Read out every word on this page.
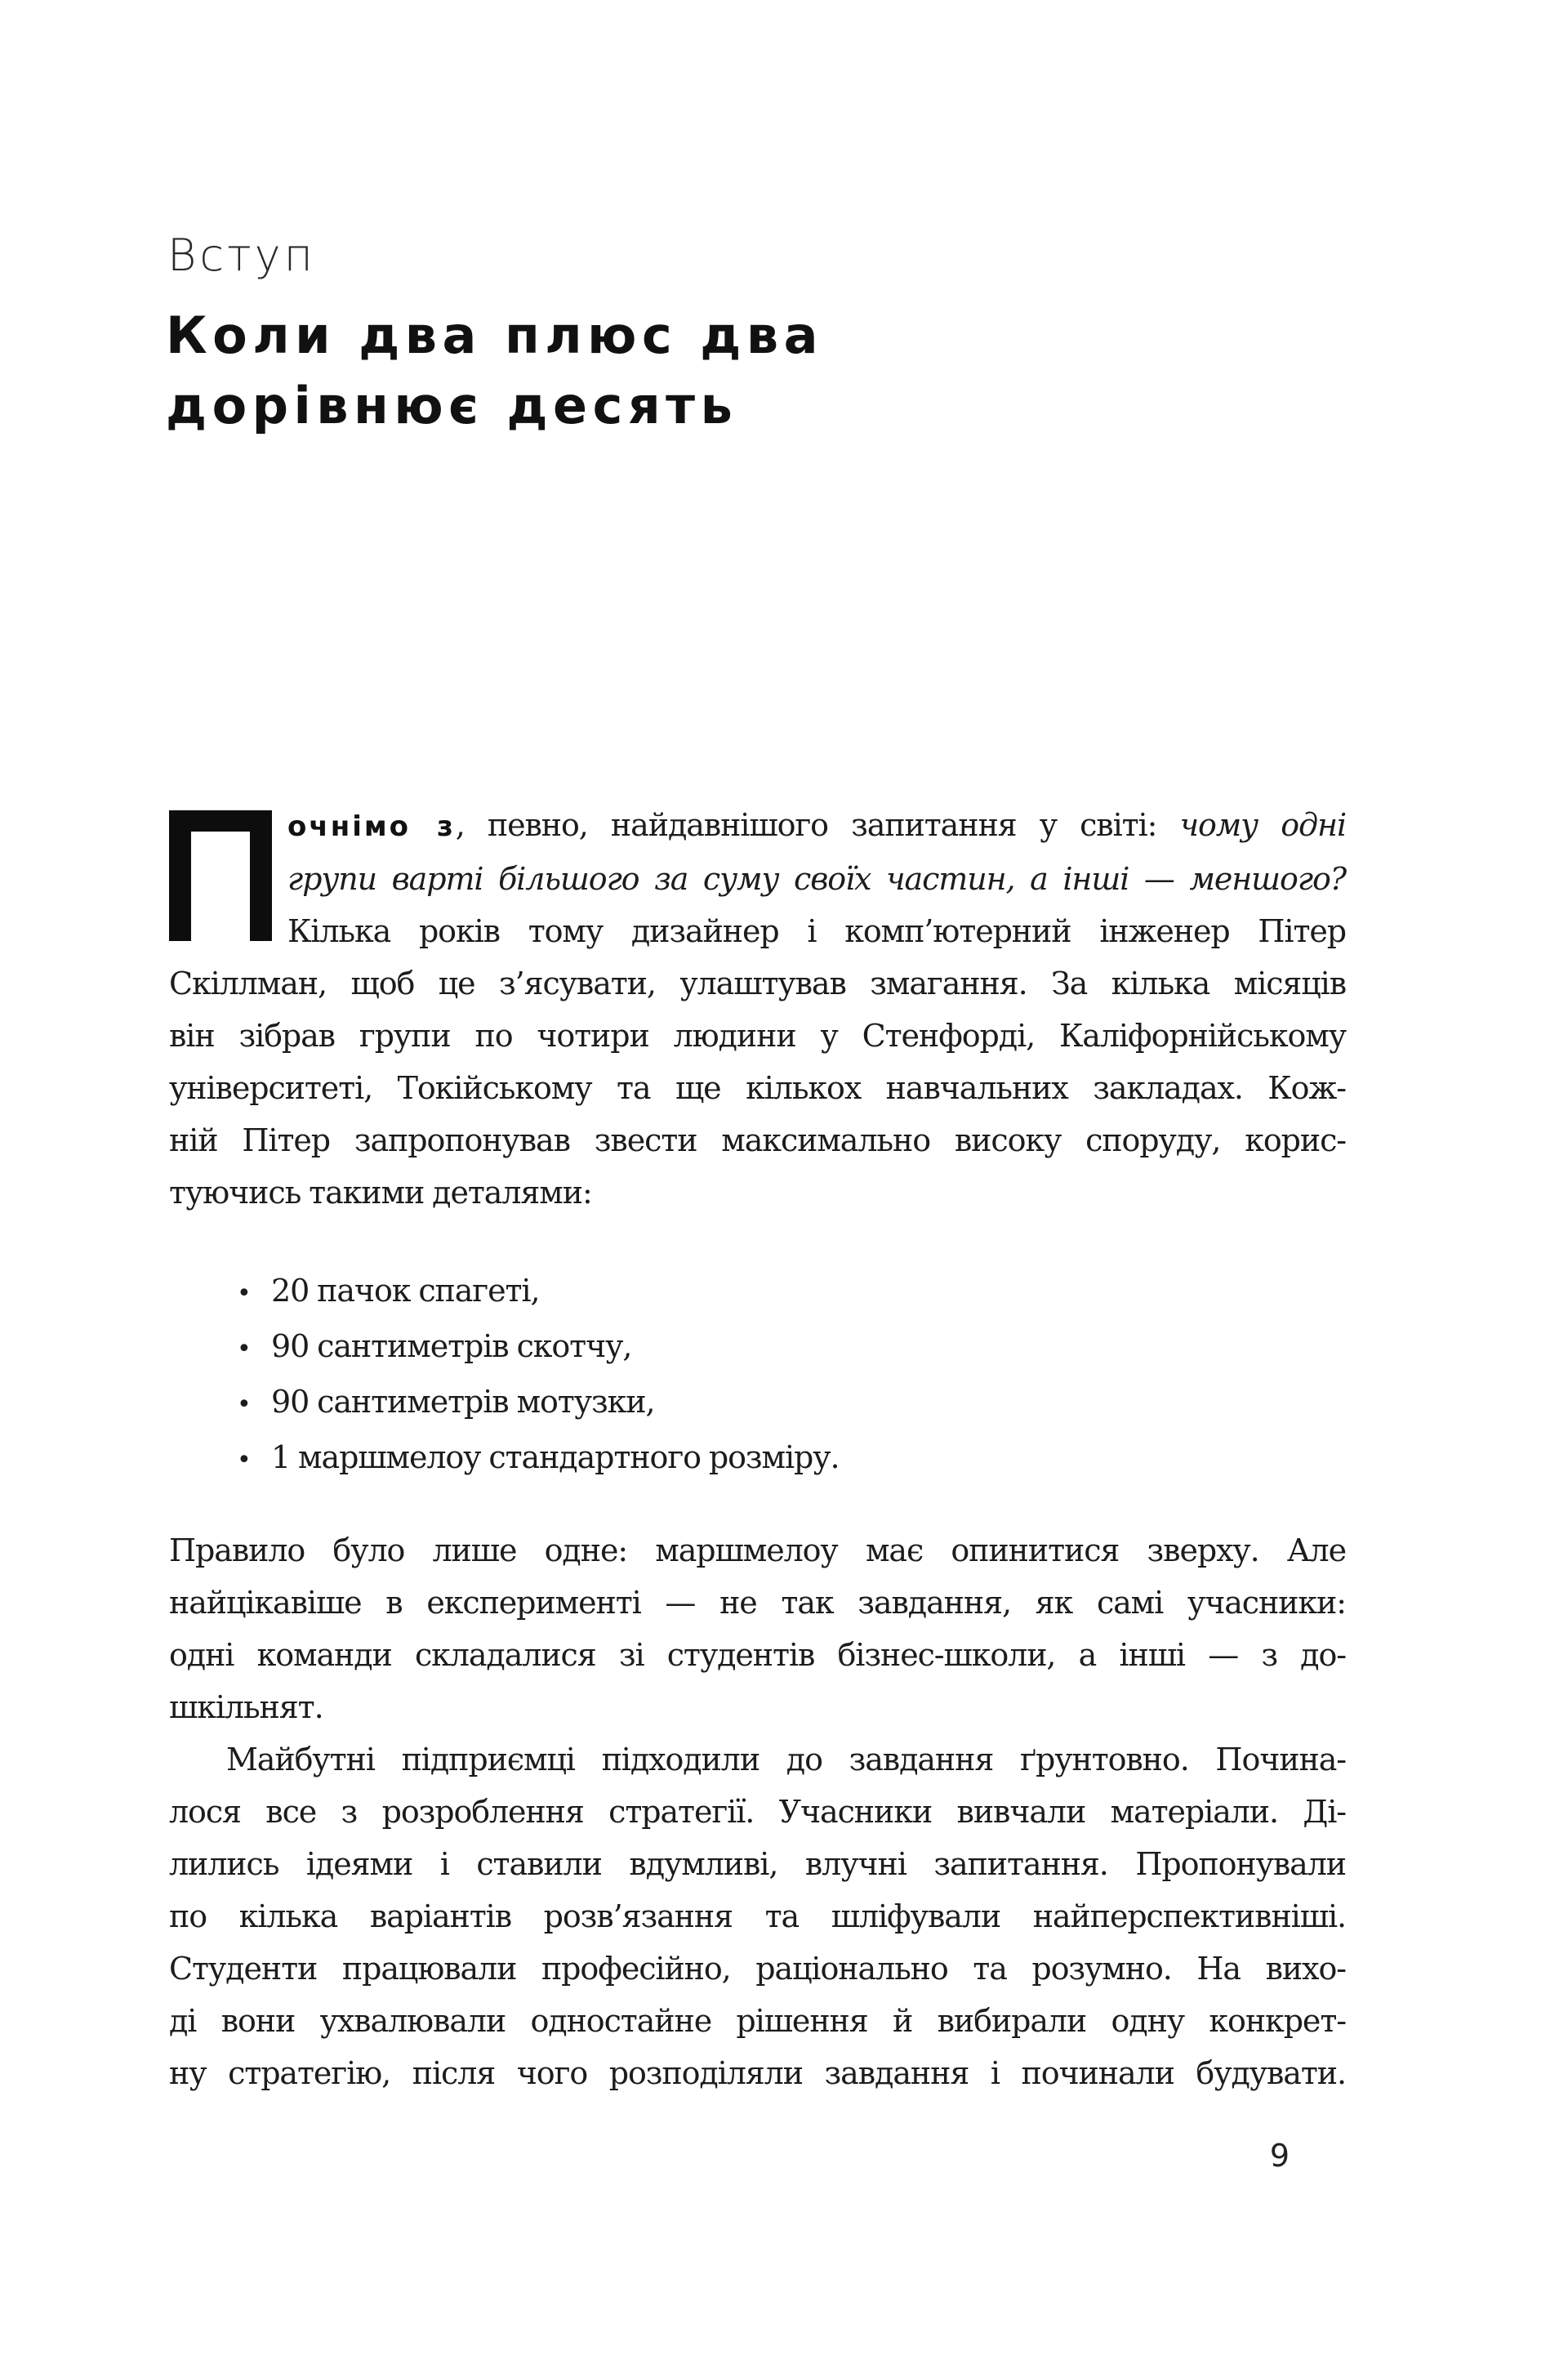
Вступ
Коли два плюс два
дорівнює десять
очнімо з, певно, найдавнішого запитання у світі: чому одні
групи варті більшого за суму своїх частин, а інші — меншого?
Кілька років тому дизайнер і комп’ютерний інженер Пітер
Скіллман, щоб це з’ясувати, улаштував змагання. За кілька місяців
він зібрав групи по чотири людини у Стенфорді, Каліфорнійському
університеті, Токійському та ще кількох навчальних закладах. Кож-
ній Пітер запропонував звести максимально високу споруду, корис-
туючись такими деталями:
• 20 пачок спагеті,
• 90 сантиметрів скотчу,
• 90 сантиметрів мотузки,
• 1 маршмелоу стандартного розміру.
Правило було лише одне: маршмелоу має опинитися зверху. Але
найцікавіше в експерименті — не так завдання, як самі учасники:
одні команди складалися зі студентів бізнес-школи, а інші — з до-
шкільнят.
Майбутні підприємці підходили до завдання ґрунтовно. Почина-
лося все з розроблення стратегії. Учасники вивчали матеріали. Ді-
лились ідеями і ставили вдумливі, влучні запитання. Пропонували
по кілька варіантів розв’язання та шліфували найперспективніші.
Студенти працювали професійно, раціонально та розумно. На вихо-
ді вони ухвалювали одностайне рішення й вибирали одну конкрет-
ну стратегію, після чого розподіляли завдання і починали будувати.
9
